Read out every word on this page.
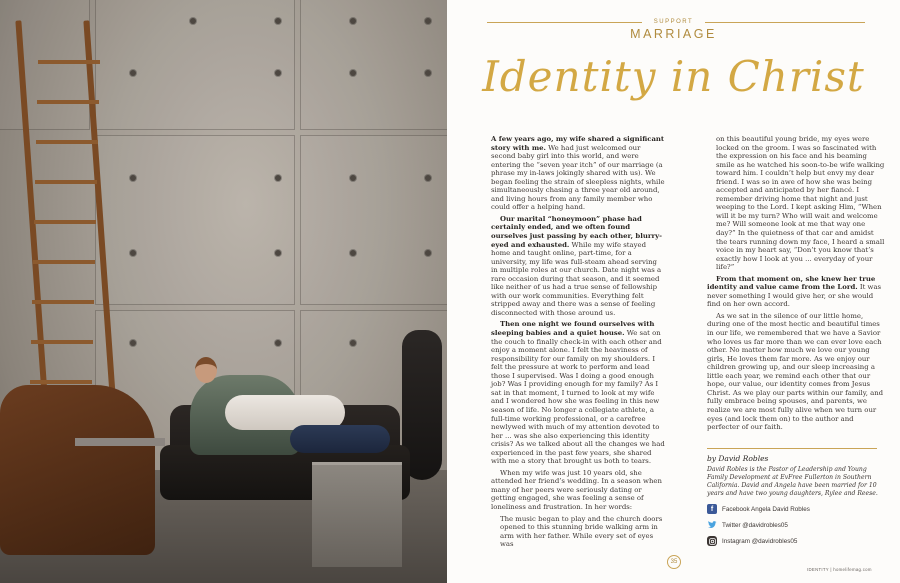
SUPPORT
MARRIAGE
Identity in Christ

A few years ago, my wife shared a significant story with me. We had just welcomed our second baby girl into this world, and were entering the “seven year itch” of our marriage (a phrase my in-laws jokingly shared with us). We began feeling the strain of sleepless nights, while simultaneously chasing a three year old around, and living hours from any family member who could offer a helping hand.

Our marital “honeymoon” phase had certainly ended, and we often found ourselves just passing by each other, blurry-eyed and exhausted. While my wife stayed home and taught online, part-time, for a university, my life was full-steam ahead serving in multiple roles at our church. Date night was a rare occasion during that season, and it seemed like neither of us had a true sense of fellowship with our work communities. Everything felt stripped away and there was a sense of feeling disconnected with those around us.

Then one night we found ourselves with sleeping babies and a quiet house. We sat on the couch to finally check-in with each other and enjoy a moment alone. I felt the heaviness of responsibility for our family on my shoulders. I felt the pressure at work to perform and lead those I supervised. Was I doing a good enough job? Was I providing enough for my family? As I sat in that moment, I turned to look at my wife and I wondered how she was feeling in this new season of life. No longer a collegiate athlete, a full-time working professional, or a carefree newlywed with much of my attention devoted to her ... was she also experiencing this identity crisis? As we talked about all the changes we had experienced in the past few years, she shared with me a story that brought us both to tears.

When my wife was just 10 years old, she attended her friend’s wedding. In a season when many of her peers were seriously dating or getting engaged, she was feeling a sense of loneliness and frustration. In her words:

The music began to play and the church doors opened to this stunning bride walking arm in arm with her father. While every set of eyes was

on this beautiful young bride, my eyes were locked on the groom. I was so fascinated with the expression on his face and his beaming smile as he watched his soon-to-be wife walking toward him. I couldn’t help but envy my dear friend. I was so in awe of how she was being accepted and anticipated by her fiancé. I remember driving home that night and just weeping to the Lord. I kept asking Him, “When will it be my turn? Who will wait and welcome me? Will someone look at me that way one day?” In the quietness of that car and amidst the tears running down my face, I heard a small voice in my heart say, “Don’t you know that’s exactly how I look at you ... everyday of your life?”

From that moment on, she knew her true identity and value came from the Lord. It was never something I would give her, or she would find on her own accord.

As we sat in the silence of our little home, during one of the most hectic and beautiful times in our life, we remembered that we have a Savior who loves us far more than we can ever love each other. No matter how much we love our young girls, He loves them far more. As we enjoy our children growing up, and our sleep increasing a little each year, we remind each other that our hope, our value, our identity comes from Jesus Christ. As we play our parts within our family, and fully embrace being spouses, and parents, we realize we are most fully alive when we turn our eyes (and lock them on) to the author and perfecter of our faith.

by David Robles
David Robles is the Pastor of Leadership and Young Family Development at EvFree Fullerton in Southern California. David and Angela have been married for 10 years and have two young daughters, Rylee and Reese.
f	Facebook Angela David Robles
Twitter @davidrobles05
Instagram @davidrobles05
35
IDENTITY | homelifemag.com
